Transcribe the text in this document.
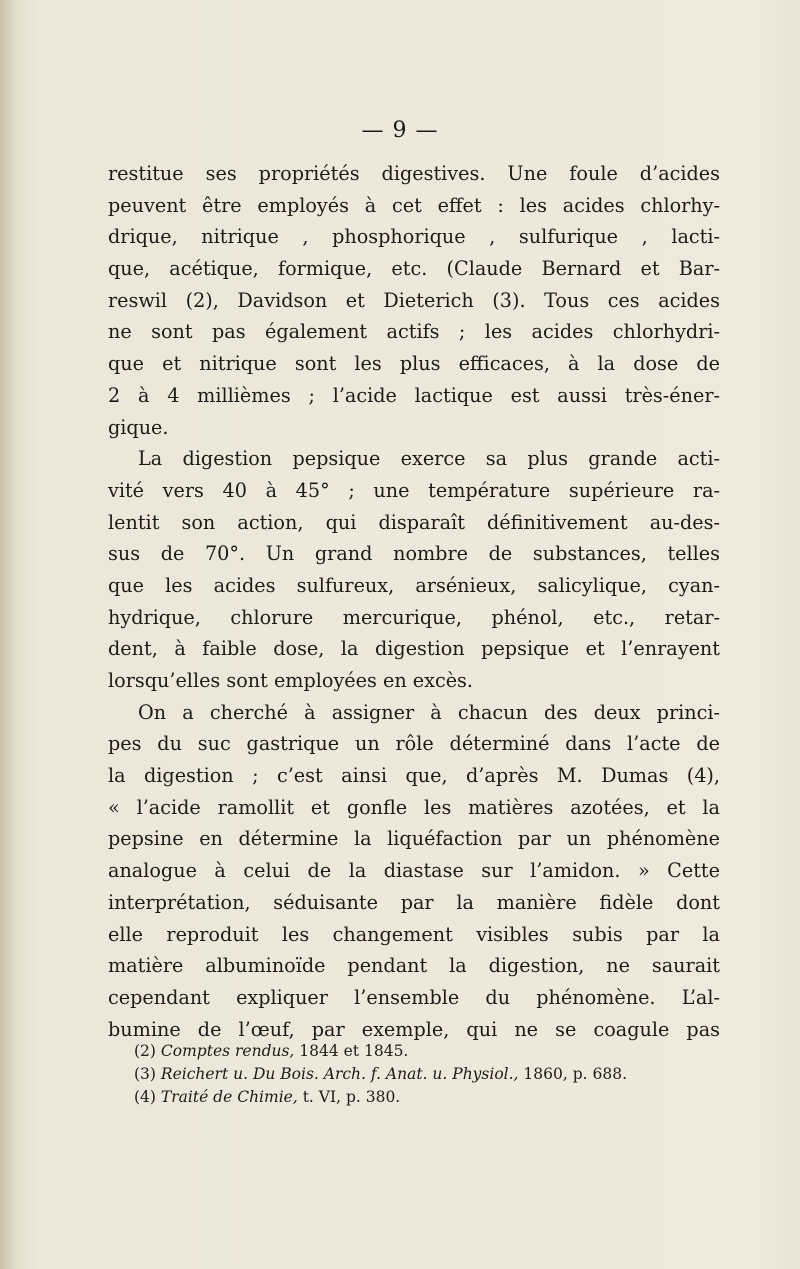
— 9 —
restitue ses propriétés digestives. Une foule d’acides
peuvent être employés à cet effet : les acides chlorhy-
drique, nitrique , phosphorique , sulfurique , lacti-
que, acétique, formique, etc. (Claude Bernard et Bar-
reswil (2), Davidson et Dieterich (3). Tous ces acides
ne sont pas également actifs ; les acides chlorhydri-
que et nitrique sont les plus efficaces, à la dose de
2 à 4 millièmes ; l’acide lactique est aussi très-éner-
gique.
La digestion pepsique exerce sa plus grande acti-
vité vers 40 à 45° ; une température supérieure ra-
lentit son action, qui disparaît définitivement au-des-
sus de 70°. Un grand nombre de substances, telles
que les acides sulfureux, arsénieux, salicylique, cyan-
hydrique, chlorure mercurique, phénol, etc., retar-
dent, à faible dose, la digestion pepsique et l’enrayent
lorsqu’elles sont employées en excès.
On a cherché à assigner à chacun des deux princi-
pes du suc gastrique un rôle déterminé dans l’acte de
la digestion ; c’est ainsi que, d’après M. Dumas (4),
« l’acide ramollit et gonfle les matières azotées, et la
pepsine en détermine la liquéfaction par un phénomène
analogue à celui de la diastase sur l’amidon. » Cette
interprétation, séduisante par la manière fidèle dont
elle reproduit les changement visibles subis par la
matière albuminoïde pendant la digestion, ne saurait
cependant expliquer l’ensemble du phénomène. L’al-
bumine de l’œuf, par exemple, qui ne se coagule pas
(2) Comptes rendus, 1844 et 1845.
(3) Reichert u. Du Bois. Arch. f. Anat. u. Physiol., 1860, p. 688.
(4) Traité de Chimie, t. VI, p. 380.
